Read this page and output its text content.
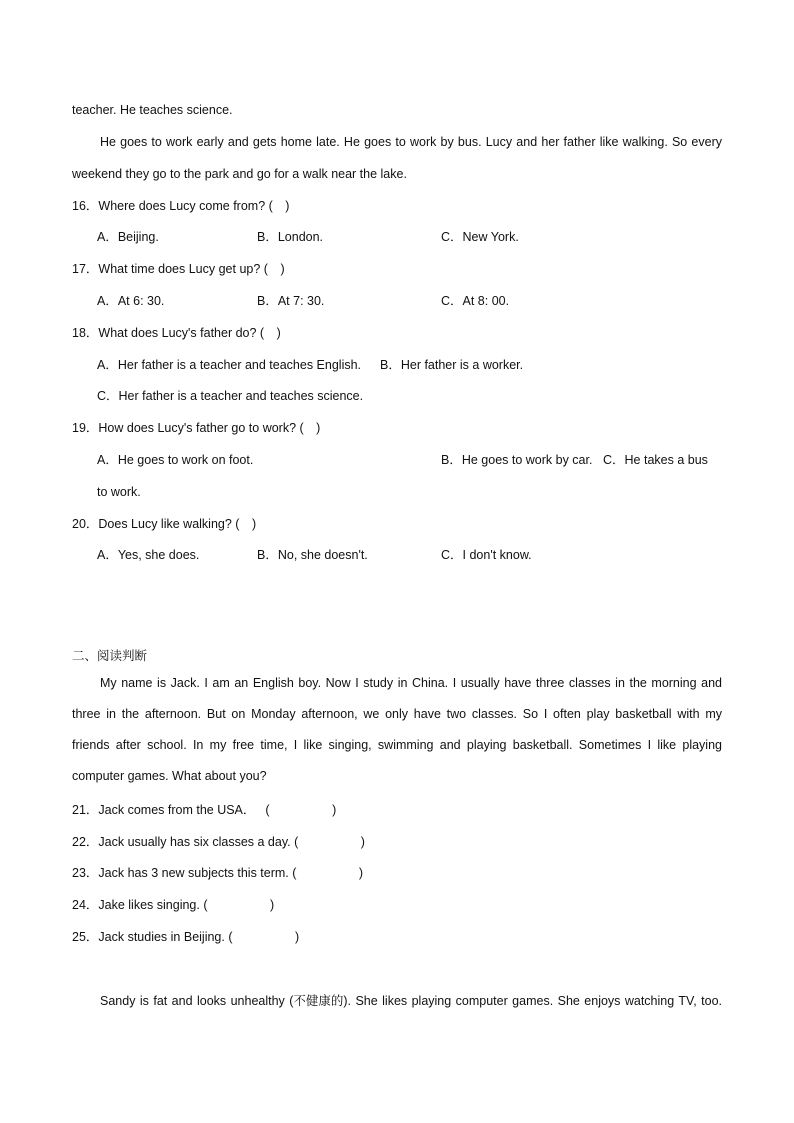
teacher. He teaches science.
He goes to work early and gets home late. He goes to work by bus. Lucy and her father like walking. So every
weekend they go to the park and go for a walk near the lake.
16．Where does Lucy come from? (　)
A．Beijing.	B．London.	C．New York.
17．What time does Lucy get up? (　)
A．At 6: 30.	B．At 7: 30.	C．At 8: 00.
18．What does Lucy's father do? (　)
A．Her father is a teacher and teaches English. B．Her father is a worker.
C．Her father is a teacher and teaches science.
19．How does Lucy's father go to work? (　)
A．He goes to work on foot.	B．He goes to work by car. C．He takes a bus
to work.
20．Does Lucy like walking? (　)
A．Yes, she does.	B．No, she doesn't.	C．I don't know.
二、阅读判断
My name is Jack. I am an English boy. Now I study in China. I usually have three classes in the morning and
three in the afternoon. But on Monday afternoon, we only have two classes. So I often play basketball with my
friends after school. In my free time, I like singing, swimming and playing basketball. Sometimes I like playing
computer games. What about you?
21．Jack comes from the USA． (　　　　　)
22．Jack usually has six classes a day. (　　　　　)
23．Jack has 3 new subjects this term. (　　　　　)
24．Jake likes singing. (　　　　　)
25．Jack studies in Beijing. (　　　　　)
Sandy is fat and looks unhealthy (不健康的). She likes playing computer games. She enjoys watching TV, too.
